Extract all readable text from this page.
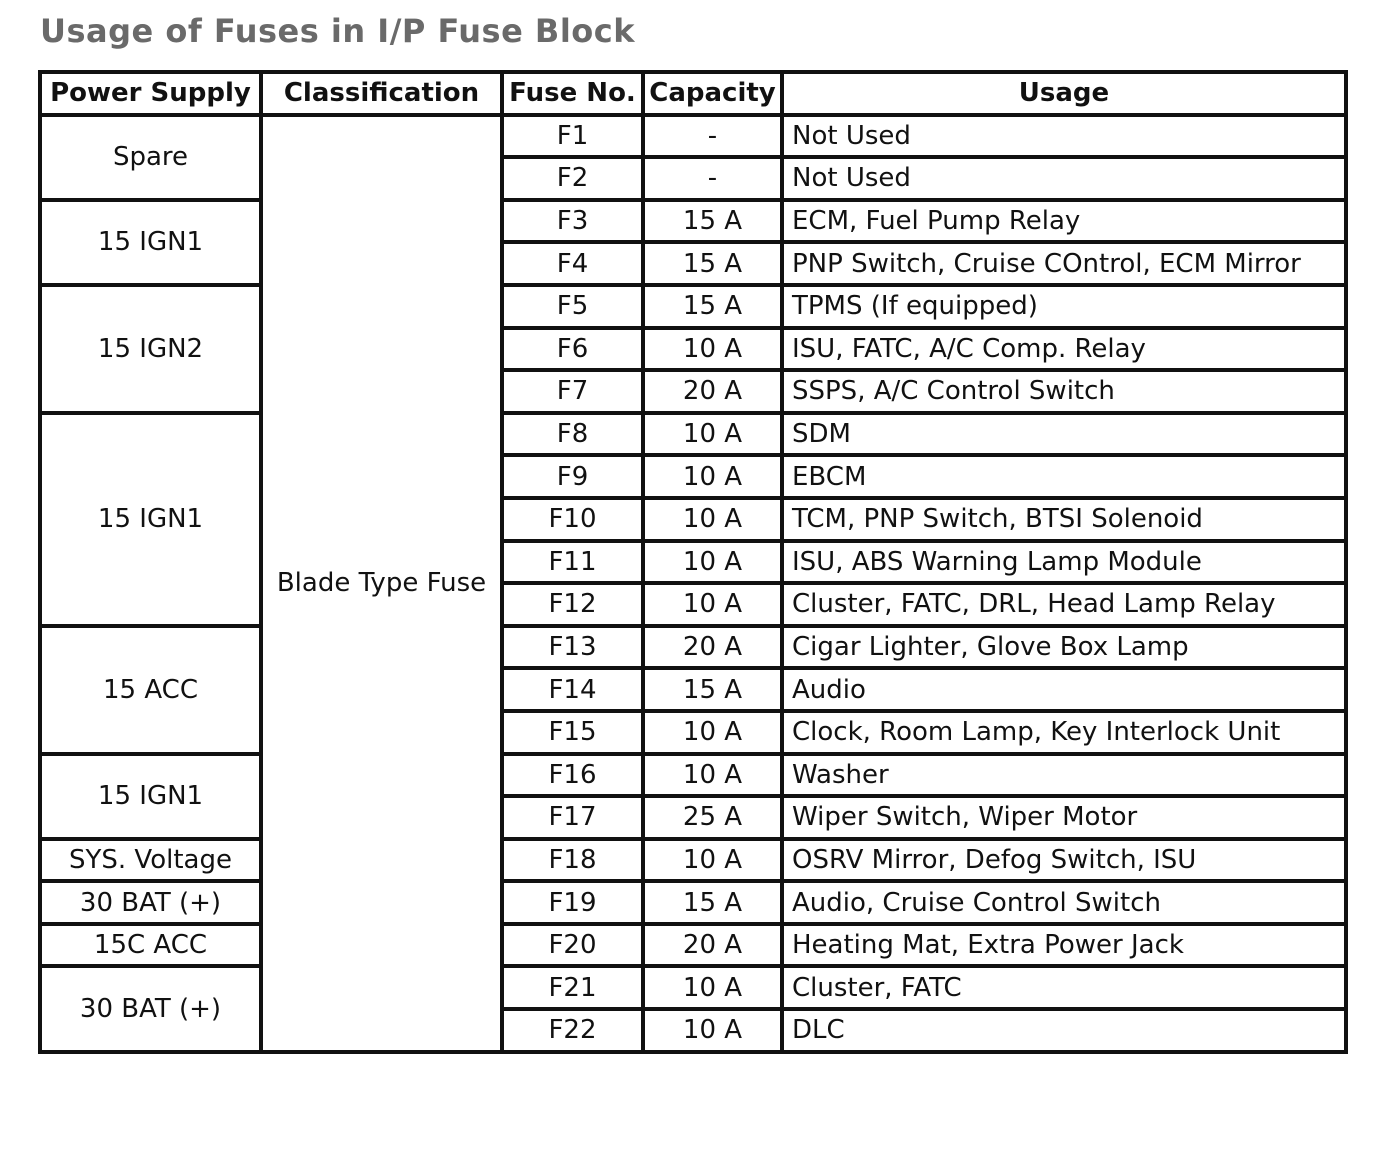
Usage of Fuses in I/P Fuse Block
Power Supply	Classification	Fuse No.	Capacity	Usage
Spare	Blade Type Fuse	F1	-	Not Used
		F2	-	Not Used
15 IGN1		F3	15 A	ECM, Fuel Pump Relay
		F4	15 A	PNP Switch, Cruise COntrol, ECM Mirror
15 IGN2		F5	15 A	TPMS (If equipped)
		F6	10 A	ISU, FATC, A/C Comp. Relay
		F7	20 A	SSPS, A/C Control Switch
15 IGN1		F8	10 A	SDM
		F9	10 A	EBCM
		F10	10 A	TCM, PNP Switch, BTSI Solenoid
		F11	10 A	ISU, ABS Warning Lamp Module
		F12	10 A	Cluster, FATC, DRL, Head Lamp Relay
15 ACC		F13	20 A	Cigar Lighter, Glove Box Lamp
		F14	15 A	Audio
		F15	10 A	Clock, Room Lamp, Key Interlock Unit
15 IGN1		F16	10 A	Washer
		F17	25 A	Wiper Switch, Wiper Motor
SYS. Voltage		F18	10 A	OSRV Mirror, Defog Switch, ISU
30 BAT (+)		F19	15 A	Audio, Cruise Control Switch
15C ACC		F20	20 A	Heating Mat, Extra Power Jack
30 BAT (+)		F21	10 A	Cluster, FATC
		F22	10 A	DLC
